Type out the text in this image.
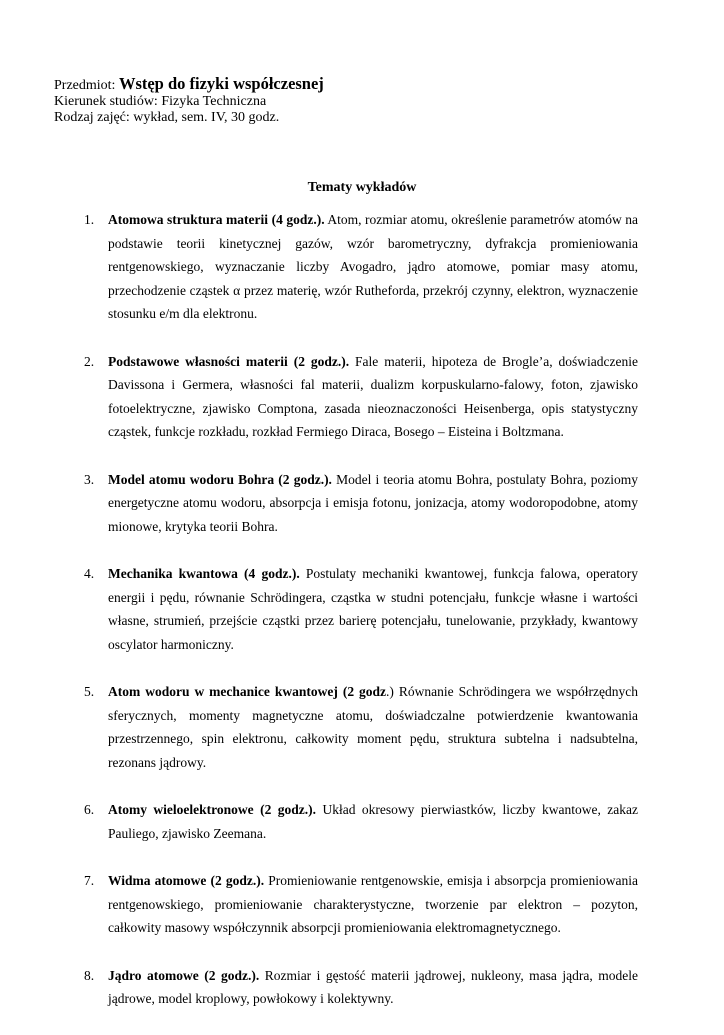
Przedmiot: Wstęp do fizyki współczesnej
Kierunek studiów: Fizyka Techniczna
Rodzaj zajęć: wykład, sem. IV, 30 godz.
Tematy wykładów
1.	Atomowa struktura materii (4 godz.). Atom, rozmiar atomu, określenie parametrów atomów na podstawie teorii kinetycznej gazów, wzór barometryczny, dyfrakcja promieniowania rentgenowskiego, wyznaczanie liczby Avogadro, jądro atomowe, pomiar masy atomu, przechodzenie cząstek α przez materię, wzór Rutheforda, przekrój czynny, elektron, wyznaczenie stosunku e/m dla elektronu.
2.	Podstawowe własności materii (2 godz.). Fale materii, hipoteza de Brogle’a, doświadczenie Davissona i Germera, własności fal materii, dualizm korpuskularno-falowy, foton, zjawisko fotoelektryczne, zjawisko Comptona, zasada nieoznaczoności Heisenberga, opis statystyczny cząstek, funkcje rozkładu, rozkład Fermiego Diraca, Bosego – Eisteina i Boltzmana.
3.	Model atomu wodoru Bohra (2 godz.). Model i teoria atomu Bohra, postulaty Bohra, poziomy energetyczne atomu wodoru, absorpcja i emisja fotonu, jonizacja, atomy wodoropodobne, atomy mionowe, krytyka teorii Bohra.
4.	Mechanika kwantowa (4 godz.). Postulaty mechaniki kwantowej, funkcja falowa, operatory energii i pędu, równanie Schrödingera, cząstka w studni potencjału, funkcje własne i wartości własne, strumień, przejście cząstki przez barierę potencjału, tunelowanie, przykłady, kwantowy oscylator harmoniczny.
5.	Atom wodoru w mechanice kwantowej (2 godz.) Równanie Schrödingera we współrzędnych sferycznych, momenty magnetyczne atomu, doświadczalne potwierdzenie kwantowania przestrzennego, spin elektronu, całkowity moment pędu, struktura subtelna i nadsubtelna, rezonans jądrowy.
6.	Atomy wieloelektronowe (2 godz.). Układ okresowy pierwiastków, liczby kwantowe, zakaz Pauliego, zjawisko Zeemana.
7.	Widma atomowe (2 godz.). Promieniowanie rentgenowskie, emisja i absorpcja promieniowania rentgenowskiego, promieniowanie charakterystyczne, tworzenie par elektron – pozyton, całkowity masowy współczynnik absorpcji promieniowania elektromagnetycznego.
8.	Jądro atomowe (2 godz.). Rozmiar i gęstość materii jądrowej, nukleony, masa jądra, modele jądrowe, model kroplowy, powłokowy i kolektywny.
